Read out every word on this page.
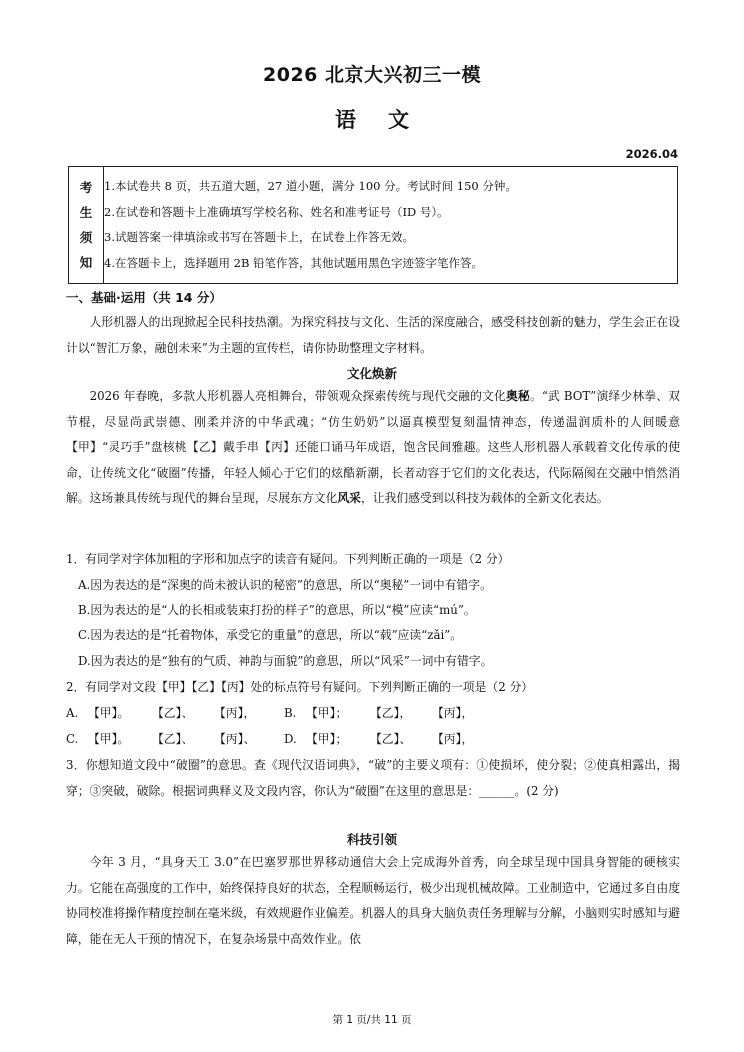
2026 北京大兴初三一模
语文
2026.04
考
生
须
知

1.本试卷共 8 页，共五道大题，27 道小题，满分 100 分。考试时间 150 分钟。
2.在试卷和答题卡上准确填写学校名称、姓名和准考证号（ID 号）。
3.试题答案一律填涂或书写在答题卡上，在试卷上作答无效。
4.在答题卡上，选择题用 2B 铅笔作答，其他试题用黑色字迹签字笔作答。
一、基础·运用（共 14 分）
人形机器人的出现掀起全民科技热潮。为探究科技与文化、生活的深度融合，感受科技创新的魅力，学生会正在设计以“智汇万象，融创未来”为主题的宣传栏，请你协助整理文字材料。
文化焕新
2026 年春晚，多款人形机器人亮相舞台，带领观众探索传统与现代交融的文化奥秘。“武 BOT”演绎少林拳、双节棍，尽显尚武崇德、刚柔并济的中华武魂；“仿生奶奶”以逼真模型复刻温情神态，传递温润质朴的人间暖意【甲】“灵巧手”盘核桃【乙】戴手串【丙】还能口诵马年成语，饱含民间雅趣。这些人形机器人承载着文化传承的使命，让传统文化“破圈”传播，年轻人倾心于它们的炫酷新潮，长者动容于它们的文化表达，代际隔阂在交融中悄然消解。这场兼具传统与现代的舞台呈现，尽展东方文化风采，让我们感受到以科技为载体的全新文化表达。
1．有同学对字体加粗的字形和加点字的读音有疑问。下列判断正确的一项是（2 分）
A.因为表达的是“深奥的尚未被认识的秘密”的意思，所以“奥秘”一词中有错字。
B.因为表达的是“人的长相或装束打扮的样子”的意思，所以“模”应读“mú”。
C.因为表达的是“托着物体，承受它的重量”的意思，所以“载”应读“zǎi”。
D.因为表达的是“独有的气质、神韵与面貌”的意思，所以“风采”一词中有错字。
2．有同学对文段【甲】【乙】【丙】处的标点符号有疑问。下列判断正确的一项是（2 分）
A. 【甲】。 【乙】、 【丙】，	B. 【甲】； 【乙】， 【丙】，
C. 【甲】。 【乙】、 【丙】、	D. 【甲】； 【乙】、 【丙】，
3．你想知道文段中“破圈”的意思。查《现代汉语词典》，“破”的主要义项有：①使损坏，使分裂；②使真相露出，揭穿；③突破，破除。根据词典释义及文段内容，你认为“破圈”在这里的意思是：______。(2 分)
科技引领
今年 3 月，“具身天工 3.0”在巴塞罗那世界移动通信大会上完成海外首秀，向全球呈现中国具身智能的硬核实力。它能在高强度的工作中，始终保持良好的状态，全程顺畅运行，极少出现机械故障。工业制造中，它通过多自由度协同校准将操作精度控制在毫米级，有效规避作业偏差。机器人的具身大脑负责任务理解与分解，小脑则实时感知与避障，能在无人干预的情况下，在复杂场景中高效作业。依
第 1 页/共 11 页
